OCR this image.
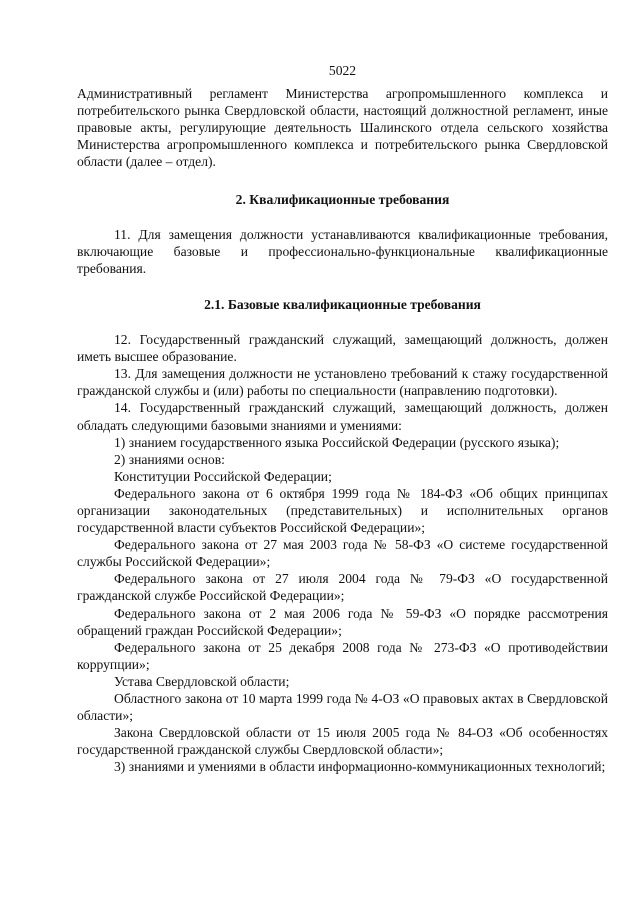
5022

Административный регламент Министерства агропромышленного комплекса и потребительского рынка Свердловской области, настоящий должностной регламент, иные правовые акты, регулирующие деятельность Шалинского отдела сельского хозяйства Министерства агропромышленного комплекса и потребительского рынка Свердловской области (далее – отдел).

2. Квалификационные требования

11. Для замещения должности устанавливаются квалификационные требования, включающие базовые и профессионально-функциональные квалификационные требования.

2.1. Базовые квалификационные требования

12. Государственный гражданский служащий, замещающий должность, должен иметь высшее образование.

13. Для замещения должности не установлено требований к стажу государственной гражданской службы и (или) работы по специальности (направлению подготовки).

14. Государственный гражданский служащий, замещающий должность, должен обладать следующими базовыми знаниями и умениями:

1) знанием государственного языка Российской Федерации (русского языка);

2) знаниями основ:

Конституции Российской Федерации;

Федерального закона от 6 октября 1999 года № 184-ФЗ «Об общих принципах организации законодательных (представительных) и исполнительных органов государственной власти субъектов Российской Федерации»;

Федерального закона от 27 мая 2003 года № 58-ФЗ «О системе государственной службы Российской Федерации»;

Федерального закона от 27 июля 2004 года № 79-ФЗ «О государственной гражданской службе Российской Федерации»;

Федерального закона от 2 мая 2006 года № 59-ФЗ «О порядке рассмотрения обращений граждан Российской Федерации»;

Федерального закона от 25 декабря 2008 года № 273-ФЗ «О противодействии коррупции»;

Устава Свердловской области;

Областного закона от 10 марта 1999 года № 4-ОЗ «О правовых актах в Свердловской области»;

Закона Свердловской области от 15 июля 2005 года № 84-ОЗ «Об особенностях государственной гражданской службы Свердловской области»;

3) знаниями и умениями в области информационно-коммуникационных технологий;
